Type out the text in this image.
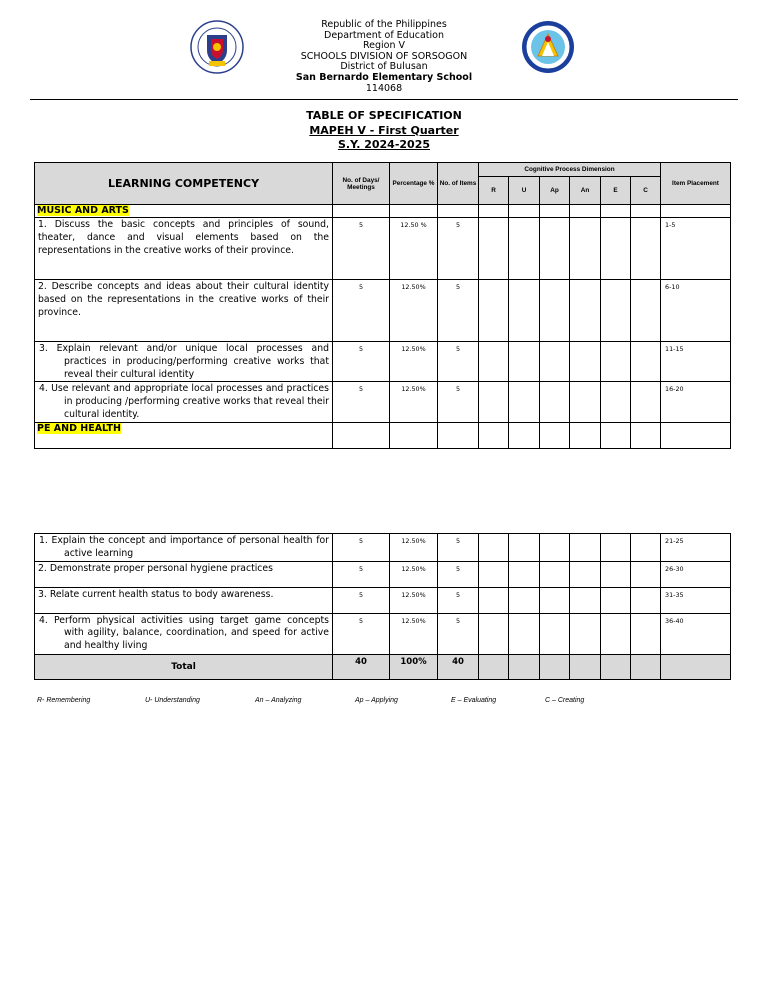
Republic of the Philippines
Department of Education
Region V
SCHOOLS DIVISION OF SORSOGON
District of Bulusan
San Bernardo Elementary School
114068
TABLE OF SPECIFICATION
MAPEH V - First Quarter
S.Y. 2024-2025
LEARNING COMPETENCY	No. of Days/ Meetings	Percentage %	No. of Items	Cognitive Process Dimension						Item Placement
				R	U	Ap	An	E	C	
MUSIC AND ARTS										
1. Discuss the basic concepts and principles of sound, theater, dance and visual elements based on the representations in the creative works of their province.	5	12.50 %	5							1-5
2. Describe concepts and ideas about their cultural identity based on the representations in the creative works of their province.	5	12.50%	5							6-10
3. Explain relevant and/or unique local processes and practices in producing/performing creative works that reveal their cultural identity	5	12.50%	5							11-15
4. Use relevant and appropriate local processes and practices in producing /performing creative works that reveal their cultural identity.	5	12.50%	5							16-20
PE AND HEALTH										
1. Explain the concept and importance of personal health for active learning	5	12.50%	5							21-25
2. Demonstrate proper personal hygiene practices	5	12.50%	5							26-30
3. Relate current health status to body awareness.	5	12.50%	5							31-35
4. Perform physical activities using target game concepts with agility, balance, coordination, and speed for active and healthy living	5	12.50%	5							36-40
Total	40	100%	40							
R- Remembering	U- Understanding	An – Analyzing	Ap – Applying	E – Evaluating	C – Creating
